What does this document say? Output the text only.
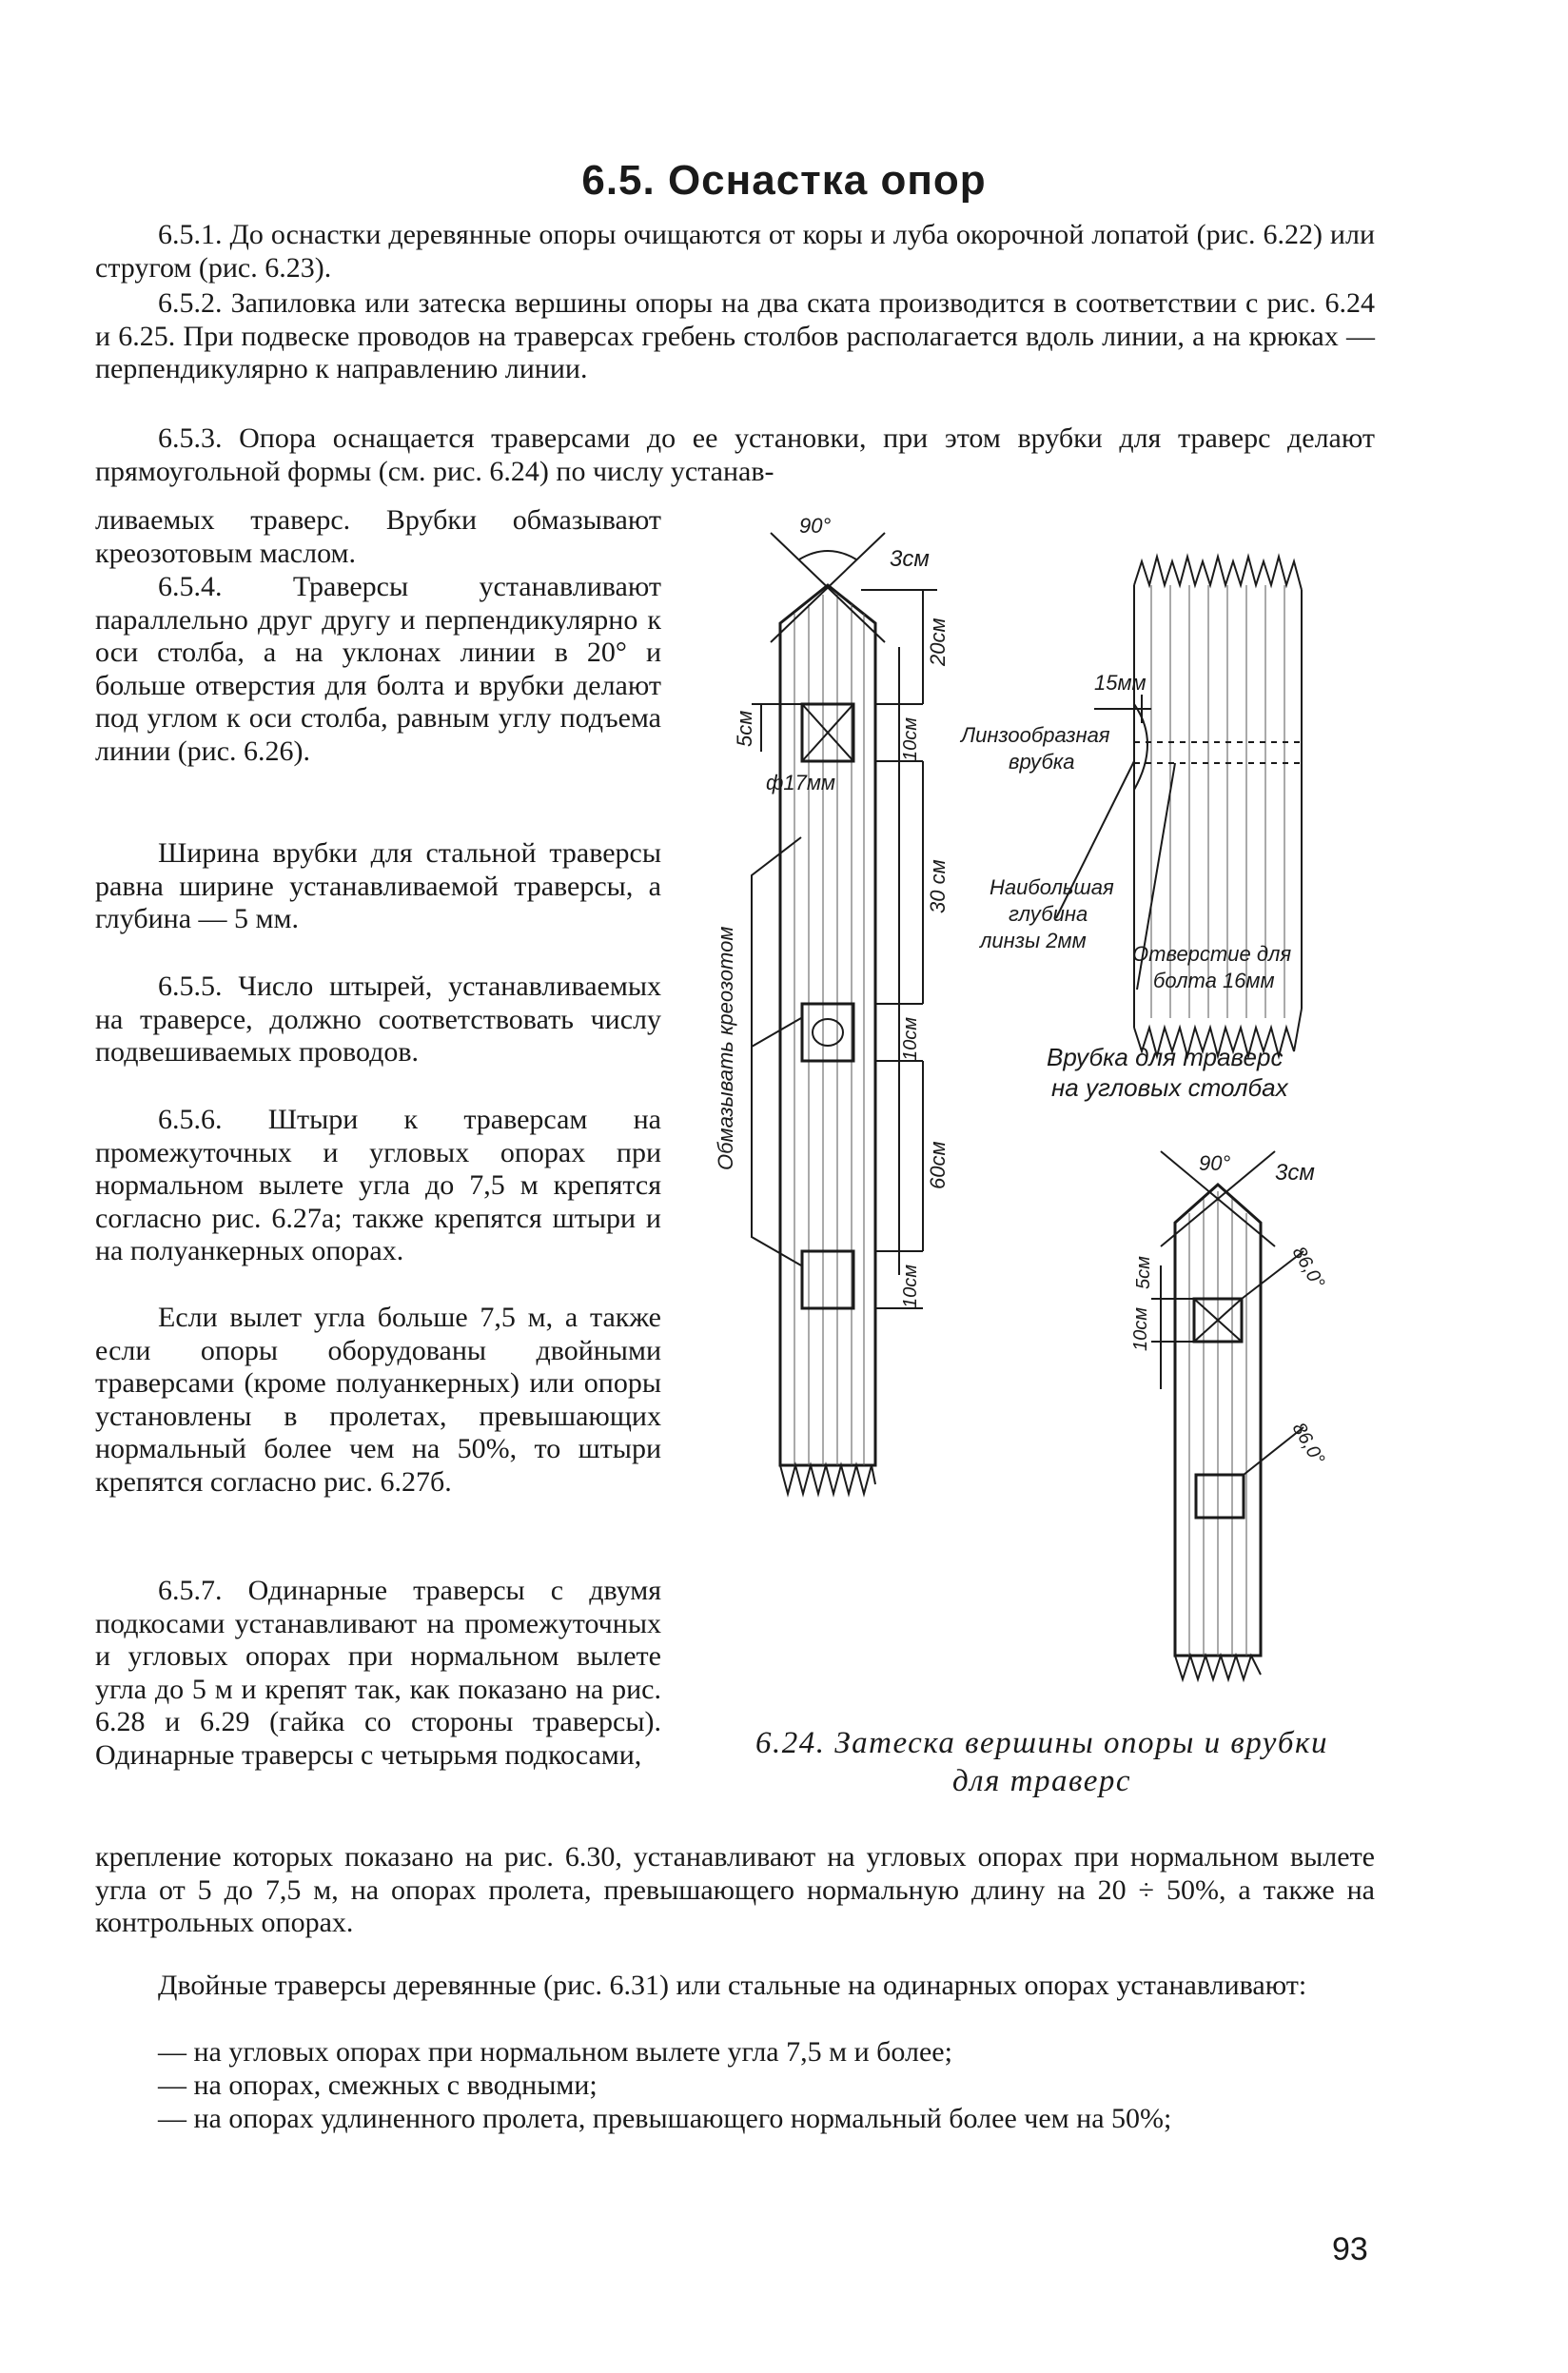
6.5. Оснастка опор

6.5.1. До оснастки деревянные опоры очищаются от коры и луба окорочной лопатой (рис. 6.22) или стругом (рис. 6.23).

6.5.2. Запиловка или затеска вершины опоры на два ската производится в соответствии с рис. 6.24 и 6.25. При подвеске проводов на траверсах гребень столбов располагается вдоль линии, а на крюках — перпендикулярно к направлению линии.

6.5.3. Опора оснащается траверсами до ее установки, при этом врубки для траверс делают прямоугольной формы (см. рис. 6.24) по числу устанав-

ливаемых траверс. Врубки обмазывают креозотовым маслом.

6.5.4. Траверсы устанавливают параллельно друг другу и перпендикулярно к оси столба, а на уклонах линии в 20° и больше отверстия для болта и врубки делают под углом к оси столба, равным углу подъема линии (рис. 6.26).

Ширина врубки для стальной траверсы равна ширине устанавливаемой траверсы, а глубина — 5 мм.

6.5.5. Число штырей, устанавливаемых на траверсе, должно соответствовать числу подвешиваемых проводов.

6.5.6. Штыри к траверсам на промежуточных и угловых опорах при нормальном вылете угла до 7,5 м крепятся согласно рис. 6.27а; также крепятся штыри и на полуанкерных опорах.

Если вылет угла больше 7,5 м, а также если опоры оборудованы двойными траверсами (кроме полуанкерных) или опоры установлены в пролетах, превышающих нормальный более чем на 50%, то штыри крепятся согласно рис. 6.27б.

6.5.7. Одинарные траверсы с двумя подкосами устанавливают на промежуточных и угловых опорах при нормальном вылете угла до 5 м и крепят так, как показано на рис. 6.28 и 6.29 (гайка со стороны траверсы). Одинарные траверсы с четырьмя подкосами,

крепление которых показано на рис. 6.30, устанавливают на угловых опорах при нормальном вылете угла от 5 до 7,5 м, на опорах пролета, превышающего нормальную длину на 20 ÷ 50%, а также на контрольных опорах.

Двойные траверсы деревянные (рис. 6.31) или стальные на одинарных опорах устанавливают:

— на угловых опорах при нормальном вылете угла 7,5 м и более;

— на опорах, смежных с вводными;

— на опорах удлиненного пролета, превышающего нормальный более чем на 50%;

90°
3см
20см
5см	10см
ф17мм
30 см
10см
60см
10см
Обмазывать креозотом
15мм
Линзообразная
врубка
Наибольшая
глубина
линзы 2мм
Отверстие для
болта 16мм
Врубка для траверс
на угловых столбах
90° 3см
5см
10см
86,0°
86,0°
6.24. Затеска вершины опоры и врубки
для траверс
93
